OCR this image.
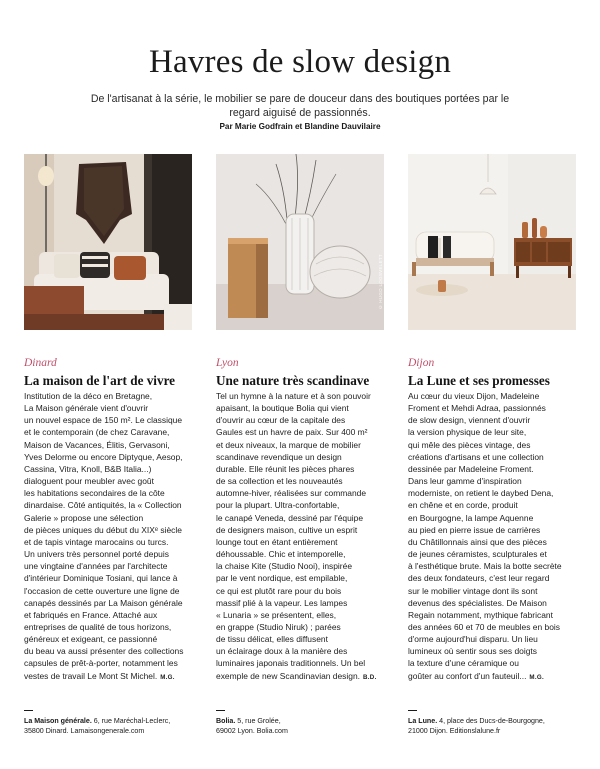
Havres de slow design
De l'artisanat à la série, le mobilier se pare de douceur dans des boutiques portées par le regard aiguisé de passionnés.
Par Marie Godfrain et Blandine Dauvilaire
© HUGO LOGSVELETT
Dinard
La maison de l'art de vivre
Institution de la déco en Bretagne,
La Maison générale vient d'ouvrir
un nouvel espace de 150 m². Le classique
et le contemporain (de chez Caravane,
Maison de Vacances, Élitis, Gervasoni,
Yves Delorme ou encore Diptyque, Aesop,
Cassina, Vitra, Knoll, B&B Italia...)
dialoguent pour meubler avec goût
les habitations secondaires de la côte
dinardaise. Côté antiquités, la « Collection
Galerie » propose une sélection
de pièces uniques du début du XIXᵉ siècle
et de tapis vintage marocains ou turcs.
Un univers très personnel porté depuis
une vingtaine d'années par l'architecte
d'intérieur Dominique Tosiani, qui lance à
l'occasion de cette ouverture une ligne de
canapés dessinés par La Maison générale
et fabriqués en France. Attaché aux
entreprises de qualité de tous horizons,
généreux et exigeant, ce passionné
du beau va aussi présenter des collections
capsules de prêt-à-porter, notamment les
vestes de travail Le Mont St Michel. M.G.
Lyon
Une nature très scandinave
Tel un hymne à la nature et à son pouvoir
apaisant, la boutique Bolia qui vient
d'ouvrir au cœur de la capitale des
Gaules est un havre de paix. Sur 400 m²
et deux niveaux, la marque de mobilier
scandinave revendique un design
durable. Elle réunit les pièces phares
de sa collection et les nouveautés
automne-hiver, réalisées sur commande
pour la plupart. Ultra-confortable,
le canapé Veneda, dessiné par l'équipe
de designers maison, cultive un esprit
lounge tout en étant entièrement
déhoussable. Chic et intemporelle,
la chaise Kite (Studio Nooi), inspirée
par le vent nordique, est empilable,
ce qui est plutôt rare pour du bois
massif plié à la vapeur. Les lampes
« Lunaria » se présentent, elles,
en grappe (Studio Niruk) ; parées
de tissu délicat, elles diffusent
un éclairage doux à la manière des
luminaires japonais traditionnels. Un bel
exemple de new Scandinavian design. B.D.
Dijon
La Lune et ses promesses
Au cœur du vieux Dijon, Madeleine
Froment et Mehdi Adraa, passionnés
de slow design, viennent d'ouvrir
la version physique de leur site,
qui mêle des pièces vintage, des
créations d'artisans et une collection
dessinée par Madeleine Froment.
Dans leur gamme d'inspiration
moderniste, on retient le daybed Dena,
en chêne et en corde, produit
en Bourgogne, la lampe Aquenne
au pied en pierre issue de carrières
du Châtillonnais ainsi que des pièces
de jeunes céramistes, sculpturales et
à l'esthétique brute. Mais la botte secrète
des deux fondateurs, c'est leur regard
sur le mobilier vintage dont ils sont
devenus des spécialistes. De Maison
Regain notamment, mythique fabricant
des années 60 et 70 de meubles en bois
d'orme aujourd'hui disparu. Un lieu
lumineux où sentir sous ses doigts
la texture d'une céramique ou
goûter au confort d'un fauteuil... M.G.
La Maison générale. 6, rue Maréchal-Leclerc,
35800 Dinard. Lamaisongenerale.com
Bolia. 5, rue Grolée,
69002 Lyon. Bolia.com
La Lune. 4, place des Ducs-de-Bourgogne,
21000 Dijon. Editionslalune.fr
